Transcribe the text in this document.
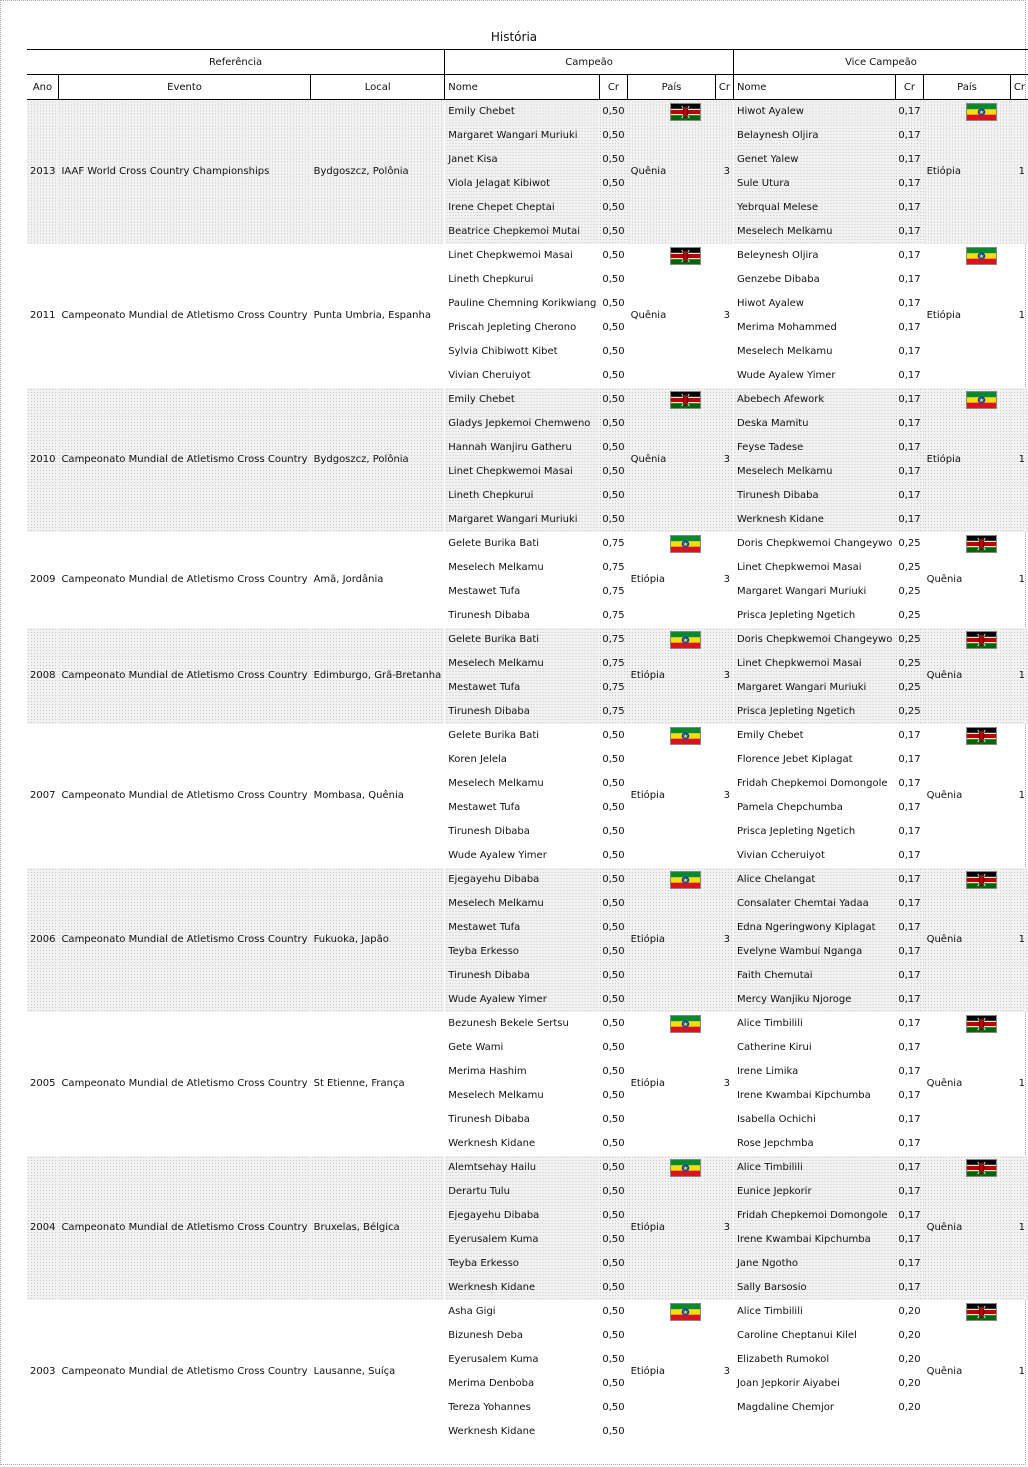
História
Referência			Campeão				Vice Campeão			
Ano	Evento	Local	Nome	Cr	País	Cr	Nome	Cr	País	Cr
2013	IAAF World Cross Country Championships	Bydgoszcz, Polônia	Emily Chebet	0,50	Quênia	3	Hiwot Ayalew	0,17	Etiópia	1
			Margaret Wangari Muriuki	0,50			Belaynesh Oljira	0,17		
			Janet Kisa	0,50			Genet Yalew	0,17		
			Viola Jelagat Kibiwot	0,50			Sule Utura	0,17		
			Irene Chepet Cheptai	0,50			Yebrqual Melese	0,17		
			Beatrice Chepkemoi Mutai	0,50			Meselech Melkamu	0,17		
2011	Campeonato Mundial de Atletismo Cross Country	Punta Umbria, Espanha	Linet Chepkwemoi Masai	0,50	Quênia	3	Beleynesh Oljira	0,17	Etiópia	1
			Lineth Chepkurui	0,50			Genzebe Dibaba	0,17		
			Pauline Chemning Korikwiang	0,50			Hiwot Ayalew	0,17		
			Priscah Jepleting Cherono	0,50			Merima Mohammed	0,17		
			Sylvia Chibiwott Kibet	0,50			Meselech Melkamu	0,17		
			Vivian Cheruiyot	0,50			Wude Ayalew Yimer	0,17		
2010	Campeonato Mundial de Atletismo Cross Country	Bydgoszcz, Polônia	Emily Chebet	0,50	Quênia	3	Abebech Afework	0,17	Etiópia	1
			Gladys Jepkemoi Chemweno	0,50			Deska Mamitu	0,17		
			Hannah Wanjiru Gatheru	0,50			Feyse Tadese	0,17		
			Linet Chepkwemoi Masai	0,50			Meselech Melkamu	0,17		
			Lineth Chepkurui	0,50			Tirunesh Dibaba	0,17		
			Margaret Wangari Muriuki	0,50			Werknesh Kidane	0,17		
2009	Campeonato Mundial de Atletismo Cross Country	Amã, Jordânia	Gelete Burika Bati	0,75	Etiópia	3	Doris Chepkwemoi Changeywo	0,25	Quênia	1
			Meselech Melkamu	0,75			Linet Chepkwemoi Masai	0,25		
			Mestawet Tufa	0,75			Margaret Wangari Muriuki	0,25		
			Tirunesh Dibaba	0,75			Prisca Jepleting Ngetich	0,25		
2008	Campeonato Mundial de Atletismo Cross Country	Edimburgo, Grã-Bretanha	Gelete Burika Bati	0,75	Etiópia	3	Doris Chepkwemoi Changeywo	0,25	Quênia	1
			Meselech Melkamu	0,75			Linet Chepkwemoi Masai	0,25		
			Mestawet Tufa	0,75			Margaret Wangari Muriuki	0,25		
			Tirunesh Dibaba	0,75			Prisca Jepleting Ngetich	0,25		
2007	Campeonato Mundial de Atletismo Cross Country	Mombasa, Quênia	Gelete Burika Bati	0,50	Etiópia	3	Emily Chebet	0,17	Quênia	1
			Koren Jelela	0,50			Florence Jebet Kiplagat	0,17		
			Meselech Melkamu	0,50			Fridah Chepkemoi Domongole	0,17		
			Mestawet Tufa	0,50			Pamela Chepchumba	0,17		
			Tirunesh Dibaba	0,50			Prisca Jepleting Ngetich	0,17		
			Wude Ayalew Yimer	0,50			Vivian Ccheruiyot	0,17		
2006	Campeonato Mundial de Atletismo Cross Country	Fukuoka, Japão	Ejegayehu Dibaba	0,50	Etiópia	3	Alice Chelangat	0,17	Quênia	1
			Meselech Melkamu	0,50			Consalater Chemtai Yadaa	0,17		
			Mestawet Tufa	0,50			Edna Ngeringwony Kiplagat	0,17		
			Teyba Erkesso	0,50			Evelyne Wambui Nganga	0,17		
			Tirunesh Dibaba	0,50			Faith Chemutai	0,17		
			Wude Ayalew Yimer	0,50			Mercy Wanjiku Njoroge	0,17		
2005	Campeonato Mundial de Atletismo Cross Country	St Etienne, França	Bezunesh Bekele Sertsu	0,50	Etiópia	3	Alice Timbilili	0,17	Quênia	1
			Gete Wami	0,50			Catherine Kirui	0,17		
			Merima Hashim	0,50			Irene Limika	0,17		
			Meselech Melkamu	0,50			Irene Kwambai Kipchumba	0,17		
			Tirunesh Dibaba	0,50			Isabella Ochichi	0,17		
			Werknesh Kidane	0,50			Rose Jepchmba	0,17		
2004	Campeonato Mundial de Atletismo Cross Country	Bruxelas, Bélgica	Alemtsehay Hailu	0,50	Etiópia	3	Alice Timbilili	0,17	Quênia	1
			Derartu Tulu	0,50			Eunice Jepkorir	0,17		
			Ejegayehu Dibaba	0,50			Fridah Chepkemoi Domongole	0,17		
			Eyerusalem Kuma	0,50			Irene Kwambai Kipchumba	0,17		
			Teyba Erkesso	0,50			Jane Ngotho	0,17		
			Werknesh Kidane	0,50			Sally Barsosio	0,17		
2003	Campeonato Mundial de Atletismo Cross Country	Lausanne, Suíça	Asha Gigi	0,50	Etiópia	3	Alice Timbilili	0,20	Quênia	1
			Bizunesh Deba	0,50			Caroline Cheptanui Kilel	0,20		
			Eyerusalem Kuma	0,50			Elizabeth Rumokol	0,20		
			Merima Denboba	0,50			Joan Jepkorir Aiyabei	0,20		
			Tereza Yohannes	0,50			Magdaline Chemjor	0,20		
			Werknesh Kidane	0,50						
